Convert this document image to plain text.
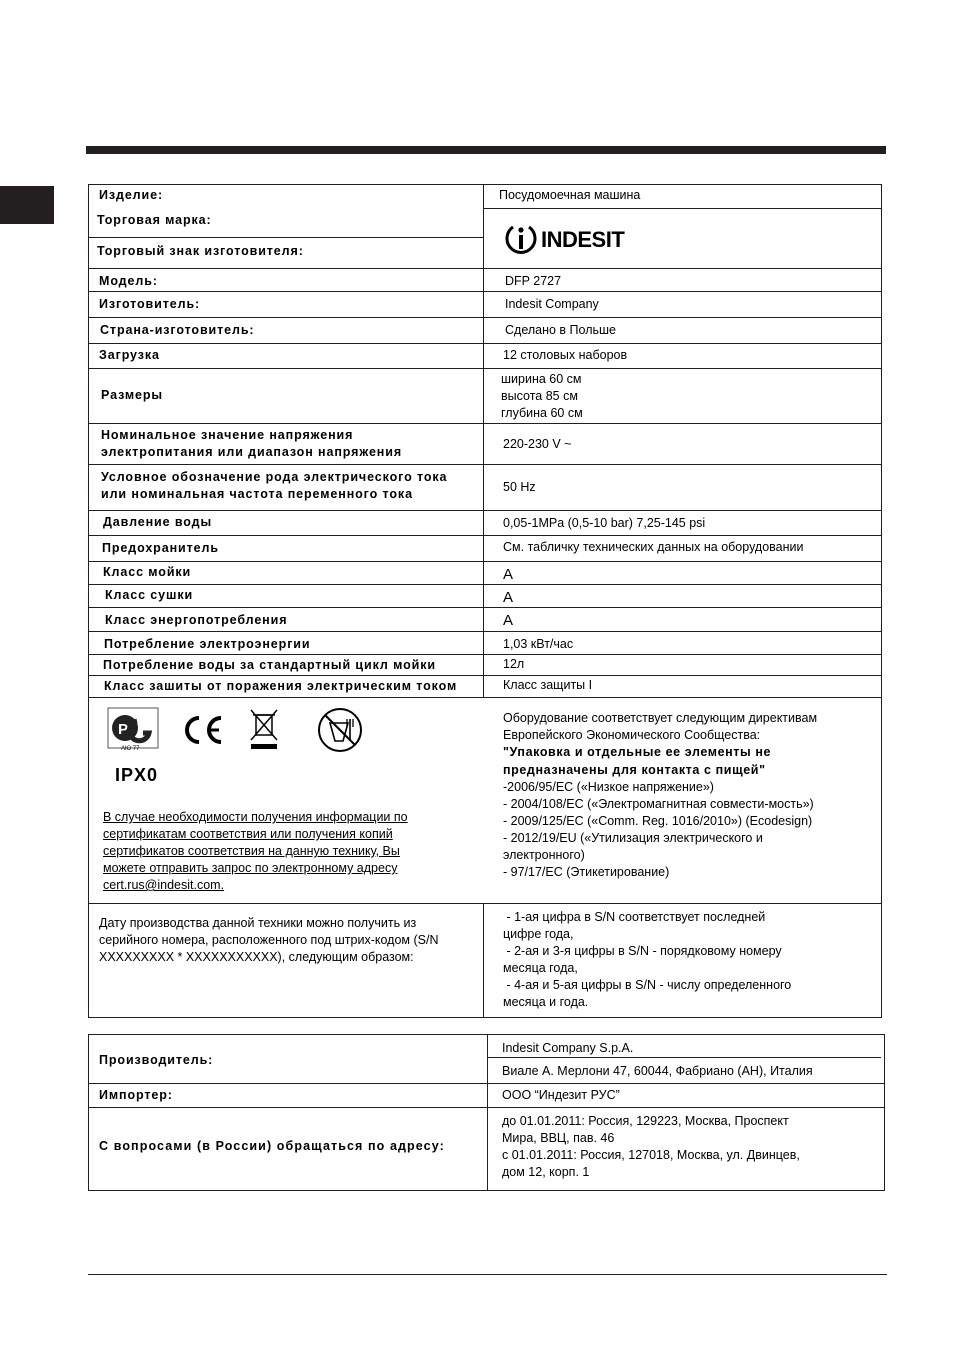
Изделие:
Торговая марка:
Торговый знак изготовителя:
Модель:
Изготовитель:
Страна-изготовитель:
Загрузка
Размеры
Номинальное значение напряжения
электропитания или диапазон напряжения
Условное обозначение рода электрического тока
или номинальная частота переменного тока
Давление воды
Предохранитель
Класс мойки
Класс сушки
Класс энергопотребления
Потребление электроэнергии
Потребление воды за стандартный цикл мойки
Класс зашиты от поражения электрическим током
Посудомоечная машина
INDESIT
DFP 2727
Indesit Company
Сделано в Польше
12 столовых наборов
ширина 60 см
высота 85 см
глубина 60 см
220-230 V ~
50 Hz
0,05-1MPa (0,5-10 bar) 7,25-145 psi
См. табличку технических данных на оборудовании
A
A
A
1,03 кВт/час
12л
Класс защиты I
P
АЮ 77
IPX0
В случае необходимости получения информации по
сертификатам соответствия или получения копий
сертификатов соответствия на данную технику, Вы
можете отправить запрос по электронному адресу
cert.rus@indesit.com.
Оборудование соответствует следующим директивам
Европейского Экономического Сообщества:
"Упаковка и отдельные ее элементы не
предназначены для контакта с пищей"
-2006/95/EC («Низкое напряжение»)
- 2004/108/EC («Электромагнитная совмести-мость»)
- 2009/125/EC («Comm. Reg. 1016/2010») (Ecodesign)
- 2012/19/EU («Утилизация электрического и
электронного)
- 97/17/EC (Этикетирование)
Дату производства данной техники можно получить из
серийного номера, расположенного под штрих-кодом (S/N
XXXXXXXXX * XXXXXXXXXXX), следующим образом:
- 1-ая цифра в S/N соответствует последней
цифре года,
- 2-ая и 3-я цифры в S/N - порядковому номеру
месяца года,
- 4-ая и 5-ая цифры в S/N - числу определенного
месяца и года.
Производитель:
Indesit Company S.p.A.
Виале А. Мерлони 47, 60044, Фабриано (АН), Италия
Импортер:	ООО “Индезит РУС”
С вопросами (в России) обращаться по адресу:
до 01.01.2011: Россия, 129223, Москва, Проспект
Мира, ВВЦ, пав. 46
с 01.01.2011: Россия, 127018, Москва, ул. Двинцев,
дом 12, корп. 1
